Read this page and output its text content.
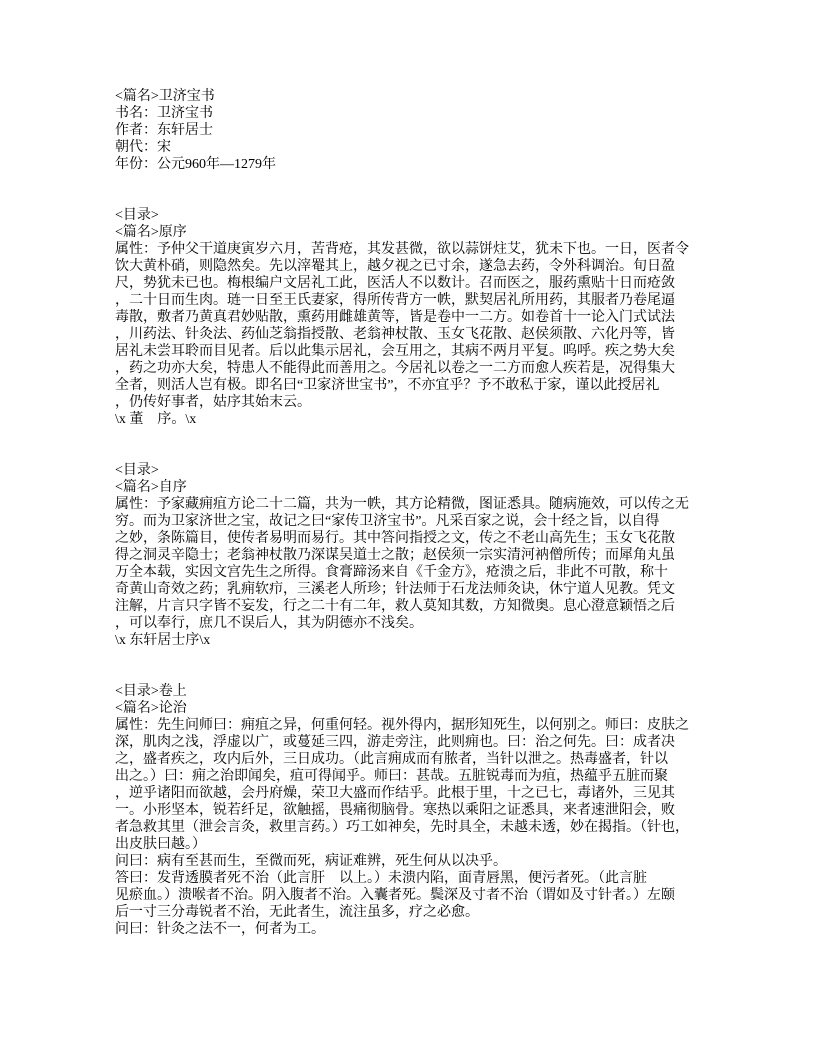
<篇名>卫济宝书
书名：卫济宝书
作者：东轩居士
朝代：宋
年份：公元960年—1279年
<目录>
<篇名>原序
属性：予仲父干道庚寅岁六月，苦背疮，其发甚微，欲以蒜饼炷艾，犹未下也。一日，医者令
饮大黄朴硝，则隐然矣。先以滓罨其上，越夕视之已寸余，遂急去药，令外科调治。旬日盈
尺，势犹未已也。梅根编户文居礼工此，医活人不以数计。召而医之，服药熏贴十日而疮敛
，二十日而生肉。琏一日至王氏妻家，得所传背方一帙，默契居礼所用药，其服者乃卷尾逼
毒散，敷者乃黄真君妙贴散，熏药用雌雄黄等，皆是卷中一二方。如卷首十一论入门式试法
，川药法、针灸法、药仙芝翁指授散、老翁神杖散、玉女飞花散、赵侯须散、六化丹等，皆
居礼未尝耳聆而目见者。后以此集示居礼，会互用之，其病不两月平复。呜呼。疾之势大矣
，药之功亦大矣，特患人不能得此而善用之。今居礼以卷之一二方而愈人疾若是，况得集大
全者，则活人岂有极。即名曰“卫家济世宝书”，不亦宜乎？予不敢私于家，谨以此授居礼
，仍传好事者，姑序其始末云。
\x 董　序。\x
<目录>
<篇名>自序
属性：予家藏痈疽方论二十二篇，共为一帙，其方论精微，图证悉具。随病施效，可以传之无
穷。而为卫家济世之宝，故记之曰“家传卫济宝书”。凡采百家之说，会十经之旨，以自得
之妙，条陈篇目，使传者易明而易行。其中答问指授之文，传之不老山高先生；玉女飞花散
得之洞灵辛隐士；老翁神杖散乃深谋吴道士之散；赵侯须一宗实清河衲僧所传；而犀角丸虽
万全本载，实因文宫先生之所得。食膏蹄汤来自《千金方》，疮溃之后，非此不可散，称十
奇黄山奇效之药；乳痈软疖，三溪老人所珍；针法师于石龙法师灸诀，休宁道人见教。凭文
注解，片言只字皆不妄发，行之二十有二年，救人莫知其数，方知微奥。息心澄意颖悟之后
，可以奉行，庶几不误后人，其为阴德亦不浅矣。
\x 东轩居士序\x
<目录>卷上
<篇名>论治
属性：先生问师曰：痈疽之异，何重何轻。视外得内，据形知死生，以何别之。师曰：皮肤之
深，肌肉之浅，浮虚以广，或蔓延三四，游走旁注，此则痈也。曰：治之何先。曰：成者决
之，盛者疾之，攻内后外，三日成功。（此言痈成而有脓者，当针以泄之。热毒盛者，针以
出之。）曰：痈之治即闻矣，疽可得闻乎。师曰：甚哉。五脏锐毒而为疽，热蕴乎五脏而聚
，逆乎诸阳而欲越，会丹府燥，荣卫大盛而作结乎。此根于里，十之已七，毒诸外，三见其
一。小形坚本，锐若纤足，欲触摇，畏痛彻脑骨。寒热以乘阳之证悉具，来者速泄阳会，败
者急救其里（泄会言灸，救里言药。）巧工如神矣，先时具全，未越未透，妙在揭指。（针也，
出皮肤曰越。）
问曰：病有至甚而生，至微而死，病证难辨，死生何从以决乎。
答曰：发背透膜者死不治（此言肝　以上。）未溃内陷，面青唇黑，便污者死。（此言脏
见瘀血。）溃喉者不治。阴入腹者不治。入囊者死。鬓深及寸者不治（谓如及寸针者。）左颐
后一寸三分毒锐者不治，无此者生，流注虽多，疗之必愈。
问曰：针灸之法不一，何者为工。
